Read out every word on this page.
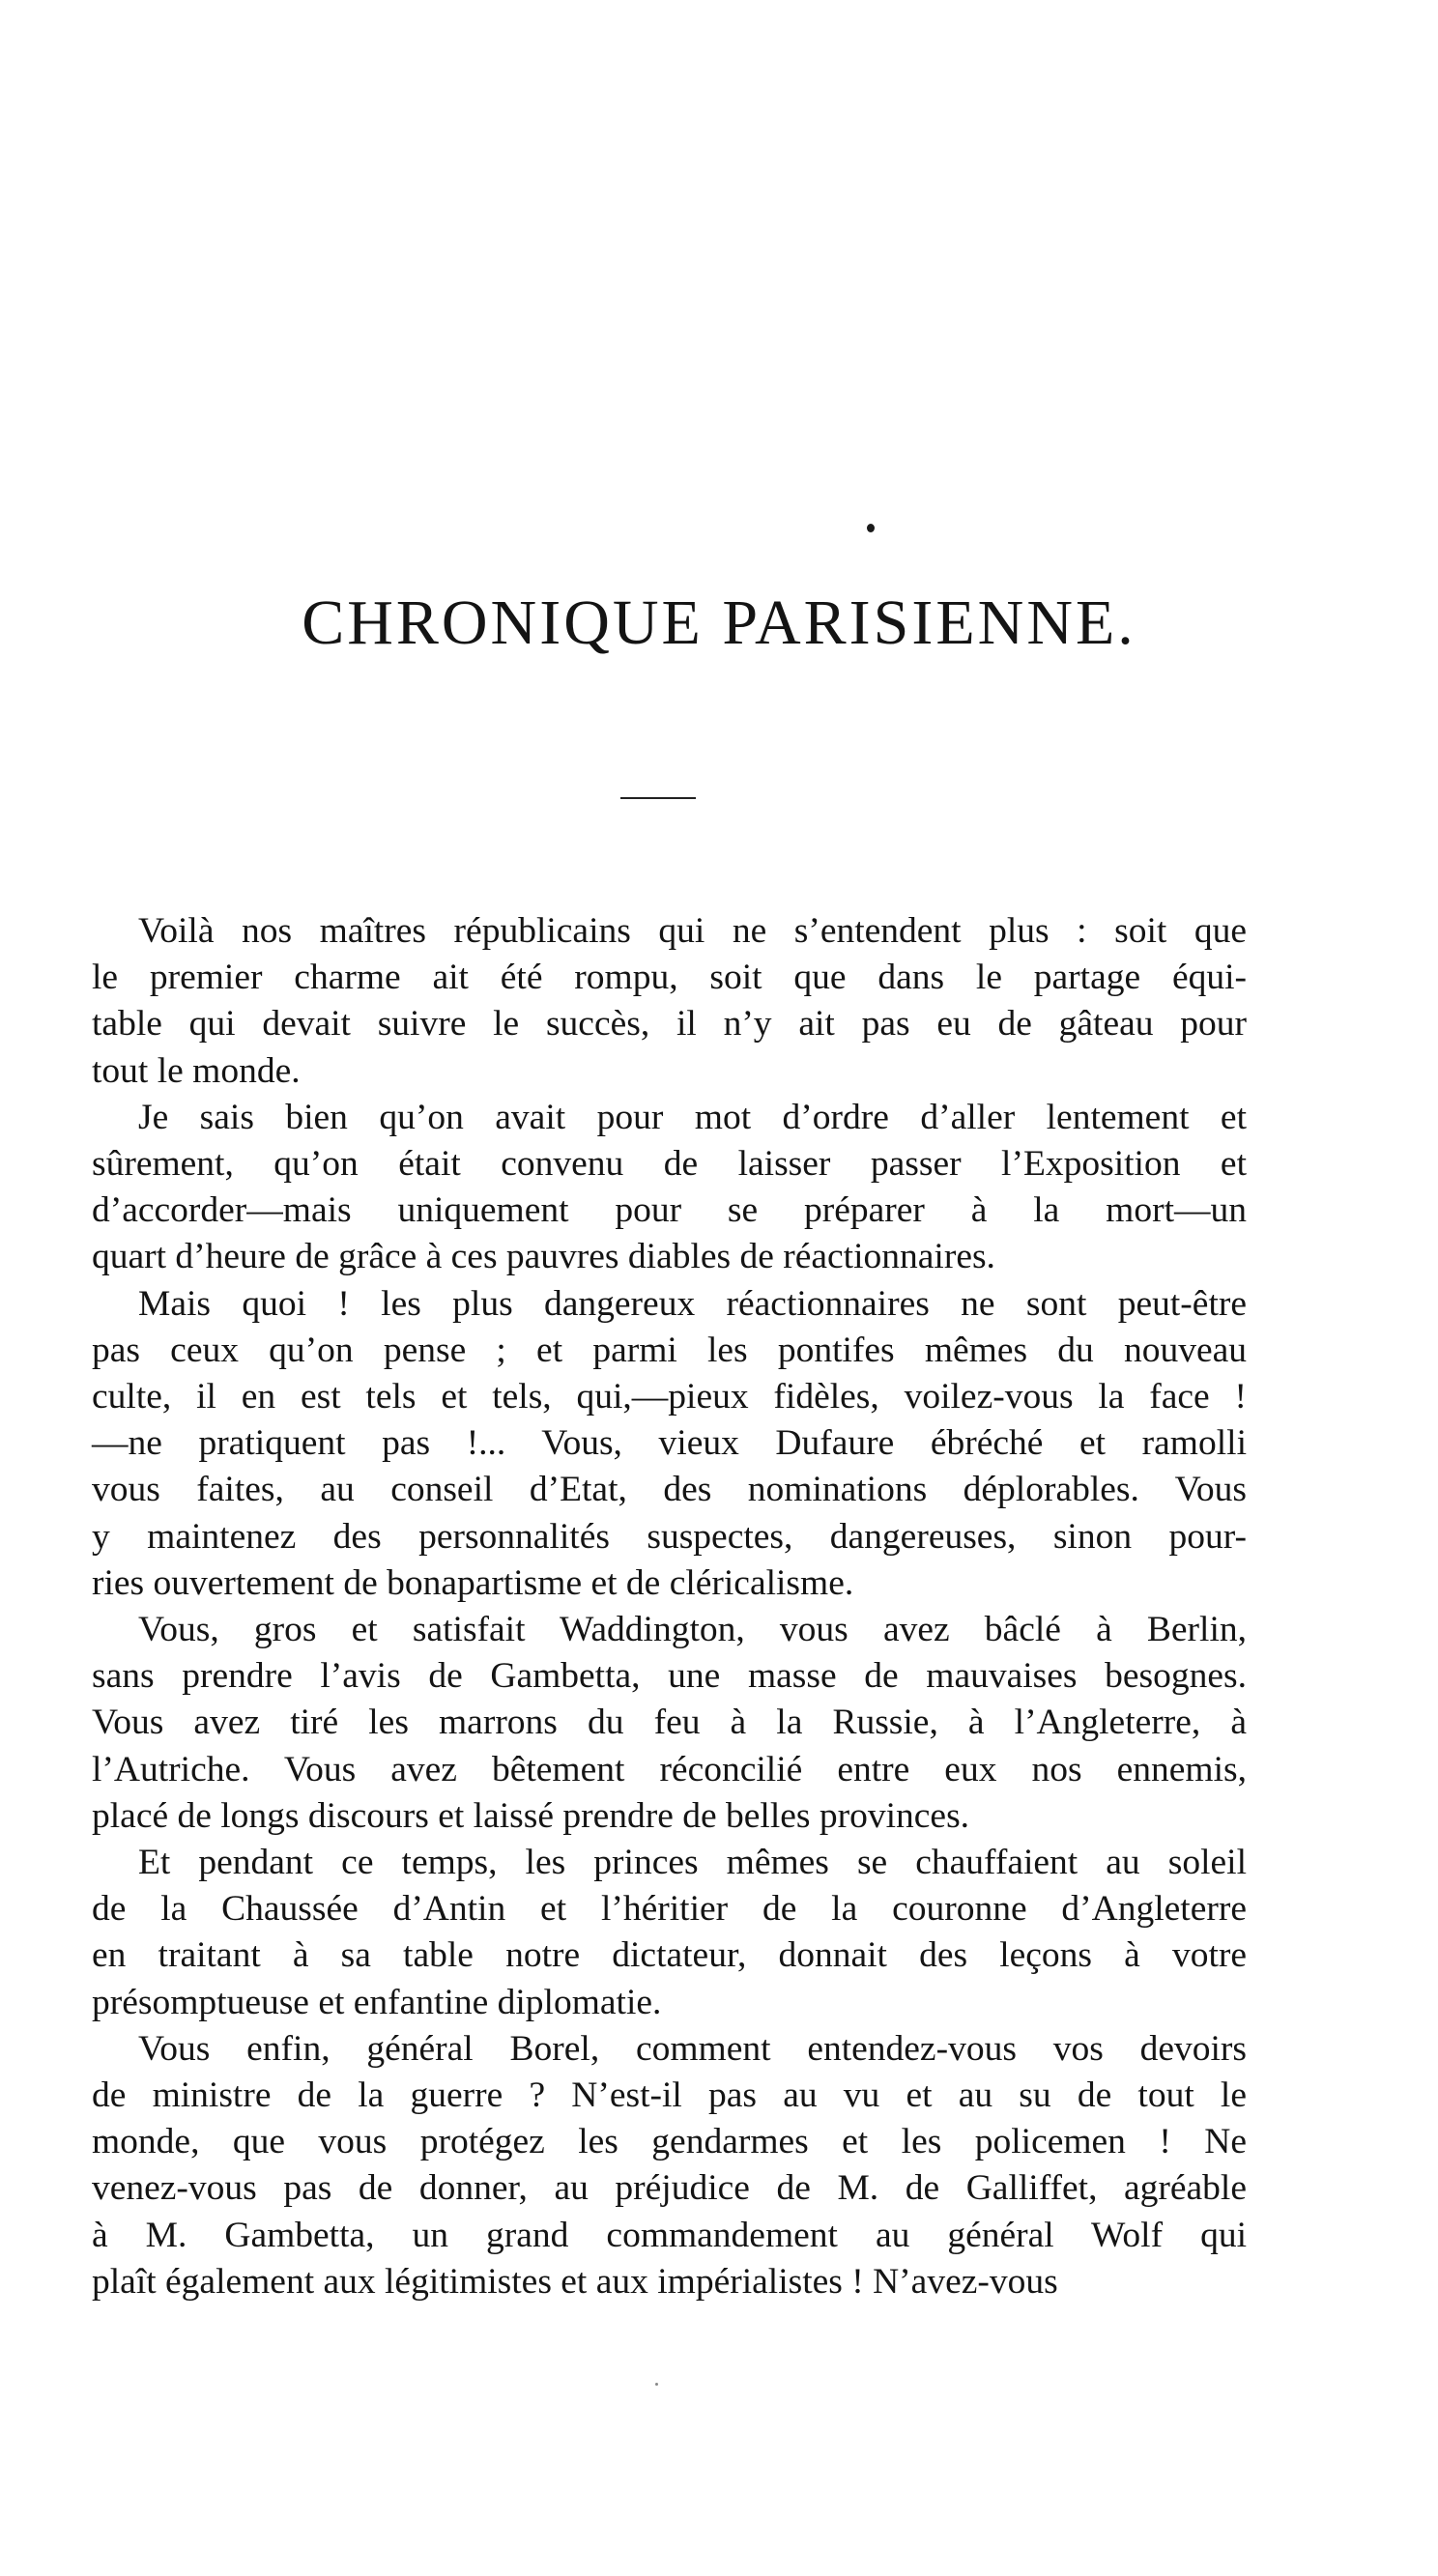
CHRONIQUE PARISIENNE.

Voilà nos maîtres républicains qui ne s’entendent plus : soit que
le premier charme ait été rompu, soit que dans le partage équi-
table qui devait suivre le succès, il n’y ait pas eu de gâteau pour
tout le monde.

Je sais bien qu’on avait pour mot d’ordre d’aller lentement et
sûrement, qu’on était convenu de laisser passer l’Exposition et
d’accorder—mais uniquement pour se préparer à la mort—un
quart d’heure de grâce à ces pauvres diables de réactionnaires.

Mais quoi ! les plus dangereux réactionnaires ne sont peut-être
pas ceux qu’on pense ; et parmi les pontifes mêmes du nouveau
culte, il en est tels et tels, qui,—pieux fidèles, voilez-vous la face !
—ne pratiquent pas !... Vous, vieux Dufaure ébréché et ramolli
vous faites, au conseil d’Etat, des nominations déplorables. Vous
y maintenez des personnalités suspectes, dangereuses, sinon pour-
ries ouvertement de bonapartisme et de cléricalisme.

Vous, gros et satisfait Waddington, vous avez bâclé à Berlin,
sans prendre l’avis de Gambetta, une masse de mauvaises besognes.
Vous avez tiré les marrons du feu à la Russie, à l’Angleterre, à
l’Autriche. Vous avez bêtement réconcilié entre eux nos ennemis,
placé de longs discours et laissé prendre de belles provinces.

Et pendant ce temps, les princes mêmes se chauffaient au soleil
de la Chaussée d’Antin et l’héritier de la couronne d’Angleterre
en traitant à sa table notre dictateur, donnait des leçons à votre
présomptueuse et enfantine diplomatie.

Vous enfin, général Borel, comment entendez-vous vos devoirs
de ministre de la guerre ? N’est-il pas au vu et au su de tout le
monde, que vous protégez les gendarmes et les policemen ! Ne
venez-vous pas de donner, au préjudice de M. de Galliffet, agréable
à M. Gambetta, un grand commandement au général Wolf qui
plaît également aux légitimistes et aux impérialistes ! N’avez-vous
